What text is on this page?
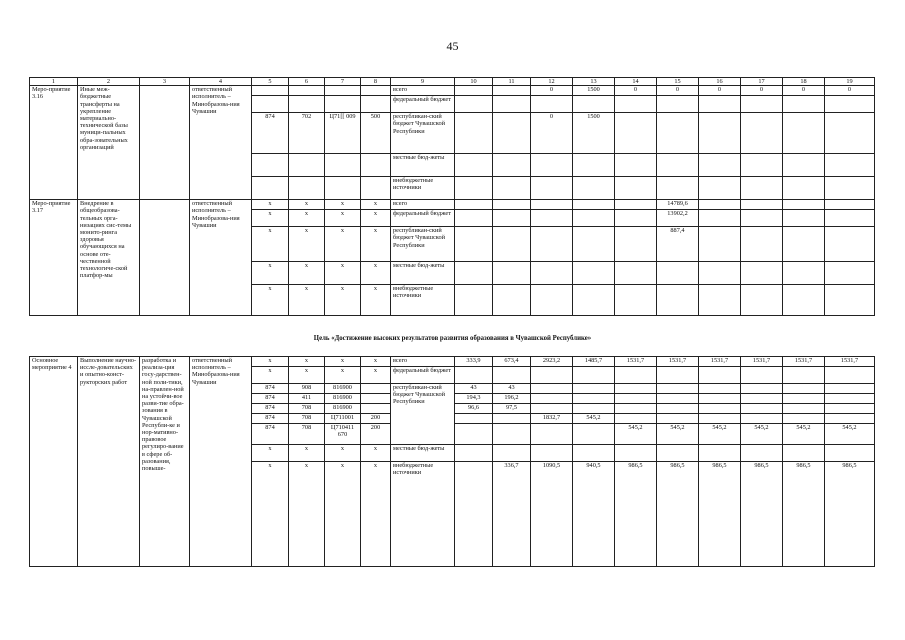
45
1	2	3	4	5	6	7	8	9	10	11	12	13	14	15	16	17	18	19
Меро-приятие 3.16	Иные меж-бюджетные трансферты на укрепление материально-технической базы муници-пальных обра-зовательных организаций		ответственный исполнитель – Минобразова-ния Чувашии					всего			0	1500	0	0	0	0	0	0
								федеральный бюджет										
				874	702	Ц71[[ 009	500	республикан-ский бюджет Чувашской Республики			0	1500						
								местные бюд-жеты										
								внебюджетные источники										
Меро-приятие 3.17	Внедрение в общеобразова-тельных орга-низациях сис-темы монито-ринга здоровья обучающихся на основе оте-чественной технологиче-ской платфор-мы		ответственный исполнитель – Минобразова-ния Чувашии	x	x	x	x	всего						14789,6				
				x	x	x	x	федеральный бюджет						13902,2				
				x	x	x	x	республикан-ский бюджет Чувашской Республики						887,4				
				x	x	x	x	местные бюд-жеты										
				x	x	x	x	внебюджетные источники										
Цель «Достижение высоких результатов развития образования в Чувашской Республике»
Основное мероприятие 4	Выполнение научно-иссле-довательских и опытно-конст-рукторских работ	разработка и реализа-ция госу-дарствен-ной поли-тики, на-правлен-ной на устойчи-вое разви-тие обра-зования в Чувашской Республи-ке и нор-мативно-правовое регулиро-вание в сфере об-разования, повыше-	ответственный исполнитель – Минобразова-ния Чувашии	x	x	x	x	всего	333,9	673,4	2923,2	1485,7	1531,7	1531,7	1531,7	1531,7	1531,7	1531,7
				x	x	x	x	федеральный бюджет										
				874	908	816900		республикан-ский бюджет Чувашской Республики	43	43								
				874	411	816900			194,3	196,2								
				874	708	816900			96,6	97,5								
				874	708	Ц711001	200				1832,7	545,2						
				874	708	Ц710411 670	200						545,2	545,2	545,2	545,2	545,2	545,2
				x	x	x	x	местные бюд-жеты										
				x	x	x	x	внебюджетные источники		336,7	1090,5	940,5	986,5	986,5	986,5	986,5	986,5	986,5
